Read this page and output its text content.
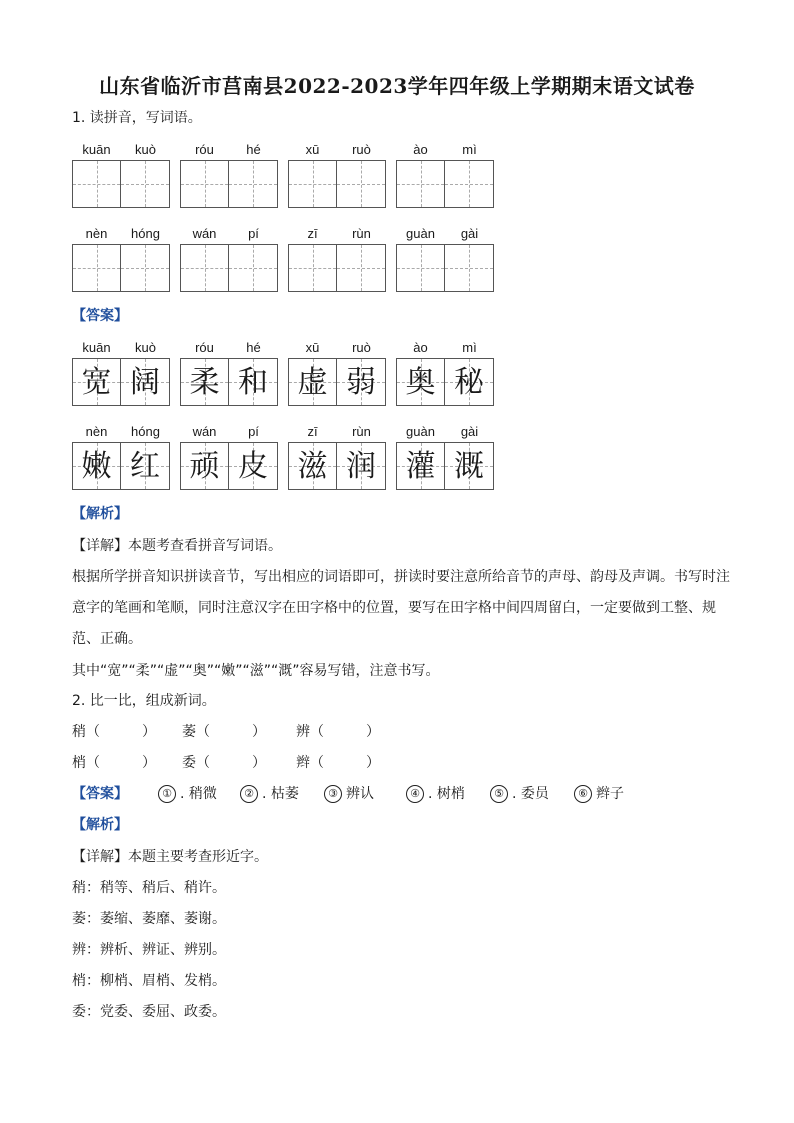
山东省临沂市莒南县2022-2023学年四年级上学期期末语文试卷
1. 读拼音，写词语。
kuān	kuò	róu	hé	xū	ruò	ào	mì
nèn	hóng	wán	pí	zī	rùn	guàn	gài
【答案】
kuān	kuò
宽 阔
róu	hé
柔 和
xū	ruò
虚 弱
ào	mì
奥 秘
nèn	hóng
嫩 红
wán	pí
顽 皮
zī	rùn
滋 润
guàn	gài
灌 溉
【解析】
【详解】本题考查看拼音写词语。
根据所学拼音知识拼读音节，写出相应的词语即可，拼读时要注意所给音节的声母、韵母及声调。书写时注意字的笔画和笔顺，同时注意汉字在田字格中的位置，要写在田字格中间四周留白，一定要做到工整、规范、正确。
其中“宽”“柔”“虚”“奥”“嫩”“滋”“溉”容易写错，注意书写。
2. 比一比，组成新词。
稍（　　　） 萎（　　　） 辨（　　　）
梢（　　　） 委（　　　） 辫（　　　）
【答案】	① . 稍微	② . 枯萎	③ 辨认	④ . 树梢	⑤ . 委员	⑥ 辫子
【解析】
【详解】本题主要考查形近字。
稍：稍等、稍后、稍许。
萎：萎缩、萎靡、萎谢。
辨：辨析、辨证、辨别。
梢：柳梢、眉梢、发梢。
委：党委、委屈、政委。
